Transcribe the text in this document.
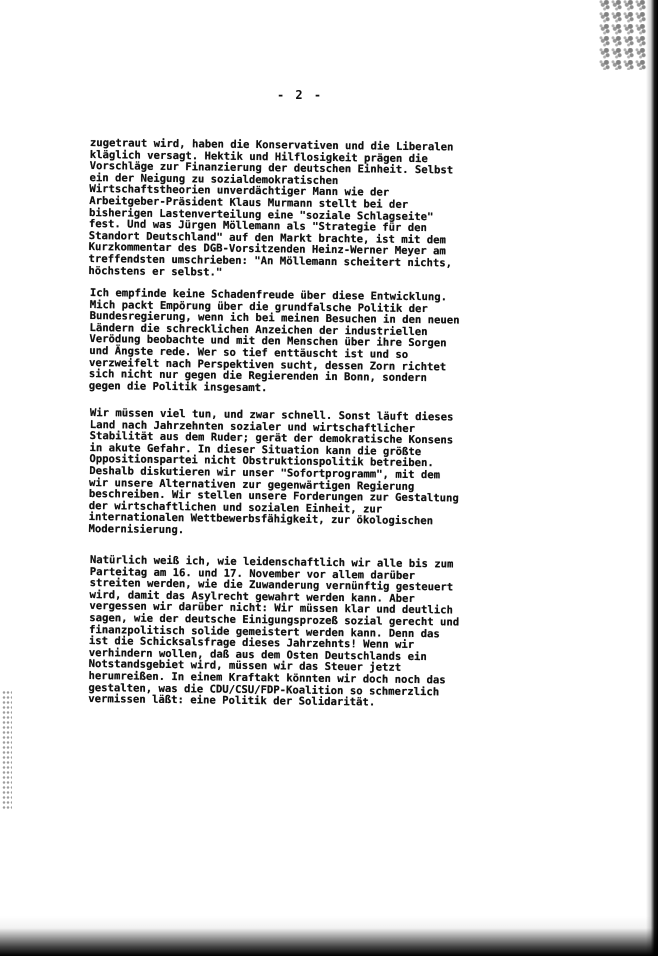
- 2 -
zugetraut wird, haben die Konservativen und die Liberalen
kläglich versagt. Hektik und Hilflosigkeit prägen die
Vorschläge zur Finanzierung der deutschen Einheit. Selbst
ein der Neigung zu sozialdemokratischen
Wirtschaftstheorien unverdächtiger Mann wie der
Arbeitgeber-Präsident Klaus Murmann stellt bei der
bisherigen Lastenverteilung eine "soziale Schlagseite"
fest. Und was Jürgen Möllemann als "Strategie für den
Standort Deutschland" auf den Markt brachte, ist mit dem
Kurzkommentar des DGB-Vorsitzenden Heinz-Werner Meyer am
treffendsten umschrieben: "An Möllemann scheitert nichts,
höchstens er selbst."
Ich empfinde keine Schadenfreude über diese Entwicklung.
Mich packt Empörung über die grundfalsche Politik der
Bundesregierung, wenn ich bei meinen Besuchen in den neuen
Ländern die schrecklichen Anzeichen der industriellen
Verödung beobachte und mit den Menschen über ihre Sorgen
und Ängste rede. Wer so tief enttäuscht ist und so
verzweifelt nach Perspektiven sucht, dessen Zorn richtet
sich nicht nur gegen die Regierenden in Bonn, sondern
gegen die Politik insgesamt.
Wir müssen viel tun, und zwar schnell. Sonst läuft dieses
Land nach Jahrzehnten sozialer und wirtschaftlicher
Stabilität aus dem Ruder; gerät der demokratische Konsens
in akute Gefahr. In dieser Situation kann die größte
Oppositionspartei nicht Obstruktionspolitik betreiben.
Deshalb diskutieren wir unser "Sofortprogramm", mit dem
wir unsere Alternativen zur gegenwärtigen Regierung
beschreiben. Wir stellen unsere Forderungen zur Gestaltung
der wirtschaftlichen und sozialen Einheit, zur
internationalen Wettbewerbsfähigkeit, zur ökologischen
Modernisierung.
Natürlich weiß ich, wie leidenschaftlich wir alle bis zum
Parteitag am 16. und 17. November vor allem darüber
streiten werden, wie die Zuwanderung vernünftig gesteuert
wird, damit das Asylrecht gewahrt werden kann. Aber
vergessen wir darüber nicht: Wir müssen klar und deutlich
sagen, wie der deutsche Einigungsprozeß sozial gerecht und
finanzpolitisch solide gemeistert werden kann. Denn das
ist die Schicksalsfrage dieses Jahrzehnts! Wenn wir
verhindern wollen, daß aus dem Osten Deutschlands ein
Notstandsgebiet wird, müssen wir das Steuer jetzt
herumreißen. In einem Kraftakt könnten wir doch noch das
gestalten, was die CDU/CSU/FDP-Koalition so schmerzlich
vermissen läßt: eine Politik der Solidarität.
